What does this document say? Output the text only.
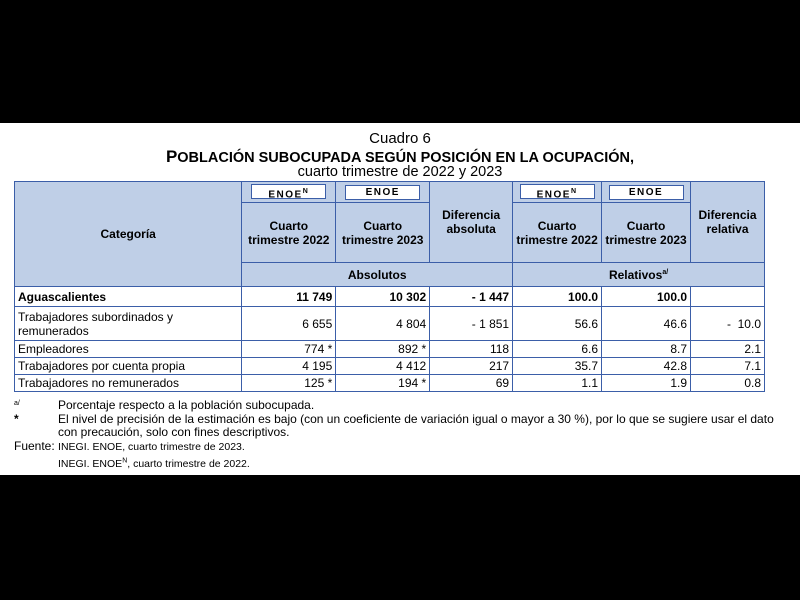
Cuadro 6
POBLACIÓN SUBOCUPADA SEGÚN POSICIÓN EN LA OCUPACIÓN,
cuarto trimestre de 2022 y 2023
Categoría	$ENOE^N$	ENOE	Diferencia absoluta	$ENOE^N$	ENOE	Diferencia relativa
	Cuarto trimestre 2022	Cuarto trimestre 2023		Cuarto trimestre 2022	Cuarto trimestre 2023	
	Absolutos			Relativos$^{a/}$
Aguascalientes	11 749	10 302	- 1 447	100.0	100.0	
Trabajadores subordinados y remunerados	6 655	4 804	- 1 851	56.6	46.6	-  10.0
Empleadores	774 *	892 *	118	6.6	8.7	2.1
Trabajadores por cuenta propia	4 195	4 412	217	35.7	42.8	7.1
Trabajadores no remunerados	125 *	194 *	69	1.1	1.9	0.8
a/	Porcentaje respecto a la población subocupada.
*	El nivel de precisión de la estimación es bajo (con un coeficiente de variación igual o mayor a 30 %), por lo que se sugiere usar el dato con precaución, solo con fines descriptivos.
Fuente: INEGI. ENOE, cuarto trimestre de 2023.
INEGI. $ENOE^N$, cuarto trimestre de 2022.
